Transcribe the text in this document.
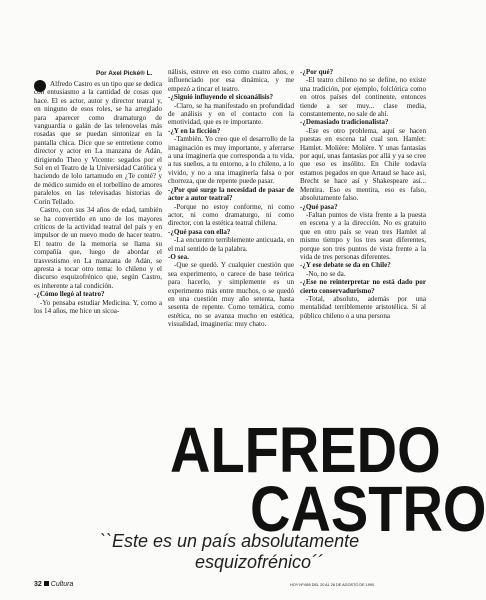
Por Axel Pické® L.

Alfredo Castro es un tipo que se dedica con entusiasmo a la cantidad de cosas que hace. El es actor, autor y director teatral y, en ninguno de esos roles, se ha arreglado para aparecer como dramaturgo de vanguardia o galán de las telenovelas más rosadas que se puedan sintonizar en la pantalla chica. Dice que se entretiene como director y actor en La manzana de Adán, dirigiendo Theo y Vicente: segados por el Sol en el Teatro de la Universidad Católica y haciendo de lolo tartamudo en ¿Te conté? y de médico sumido en el torbellino de amores paralelos en las televisadas historias de Corín Tellado.

Castro, con sus 34 años de edad, también se ha convertido en uno de los mayores críticos de la actividad teatral del país y en impulsor de un nuevo modo de hacer teatro. El teatro de la memoria se llama su compañía que, luego de abordar el trasvestismo en La manzana de Adán, se apresta a tocar otro tema: lo chileno y el discurso esquizofrénico que, según Castro, es inherente a tal condición.

-¿Cómo llegó al teatro?

-Yo pensaba estudiar Medicina. Y, como a los 14 años, me hice un sicoa-

nálisis, estuve en eso como cuatro años, e influenciado por esa dinámica, y me empezó a tincar el teatro.

-¿Siguió influyendo el sicoanálisis?

-Claro, se ha manifestado en profundidad de análisis y en el contacto con la emotividad, que es re importante.

-¿Y en la ficción?

-También. Yo creo que el desarrollo de la imaginación es muy importante, y aferrarse a una imaginería que corresponda a tu vida, a tus sueños, a tu entorno, a lo chileno, a lo vivido, y no a una imaginería falsa o por chorreza, que de repente puede pasar.

-¿Por qué surge la necesidad de pasar de actor a autor teatral?

-Porque no estoy conforme, ni como actor, ni como dramaturgo, ni como director, con la estética teatral chilena.

-¿Qué pasa con ella?

-La encuentro terriblemente anticuada, en el mal sentido de la palabra.

-O sea.

-Que se quedó. Y cualquier cuestión que sea experimento, o carece de base teórica para hacerlo, y simplemente es un experimento más entre muchos, o se quedó en una cuestión muy año setenta, hasta sesenta de repente. Como temática, como estética, no se avanza mucho en estética, visualidad, imaginería: muy chato.

-¿Por qué?

-El teatro chileno no se define, no existe una tradición, por ejemplo, folclórica como en otros países del continente, entonces tiende a ser muy... clase media, constantemente, no sale de ahí.

-¿Demasiado tradicionalista?

-Ese es otro problema, aquí se hacen puestas en escena tal cual son. Hamlet: Hamlet. Molière: Molière. Y unas fantasías por aquí, unas fantasías por allá y ya se cree que eso es insólito. En Chile todavía estamos pegados en que Artaud se hace así, Brecht se hace así y Shakespeare así... Mentira. Eso es mentira, eso es falso, absolutamente falso.

-¿Qué pasa?

-Faltan puntos de vista frente a la puesta en escena y a la dirección. No es gratuito que en otro país se vean tres Hamlet al mismo tiempo y los tres sean diferentes, porque son tres puntos de vista frente a la vida de tres personas diferentes.

-¿Y ese debate se da en Chile?

-No, no se da.

-¿Ese no reinterpretar no está dado por cierto conservadurismo?

-Total, absoluto, además por una mentalidad terriblemente aristotélica. Si al público chileno o a una persona

ALFREDO
CASTRO
``Este es un país absolutamente
esquizofrénico´´
32 Cultura	HOY Nº 669 DEL 20 AL 26 DE AGOSTO DE 1990
